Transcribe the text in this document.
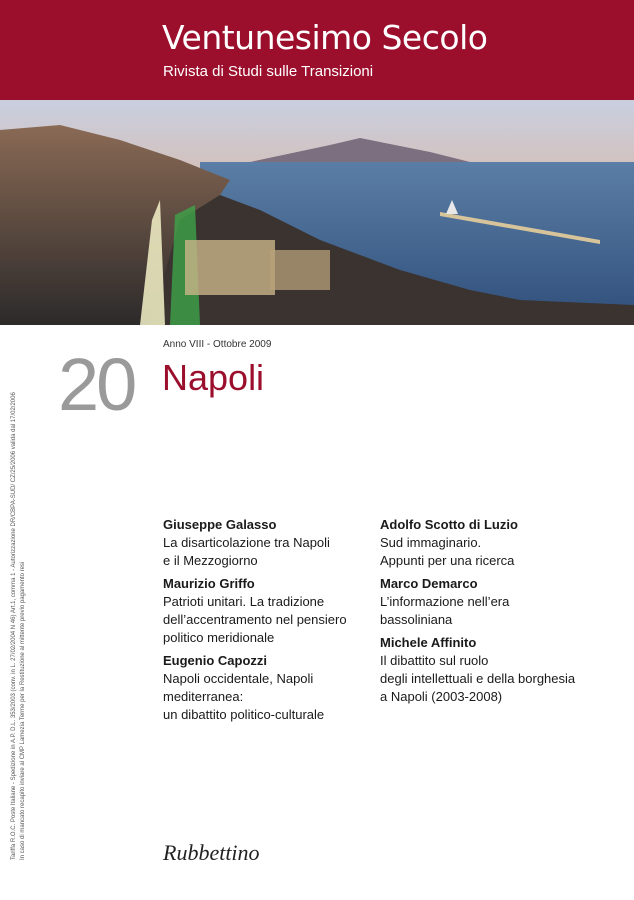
Ventunesimo Secolo
Rivista di Studi sulle Transizioni
Tariffa R.O.C. Poste Italiane - Spedizione in A.P. D.L. 353/2003 (conv. in L. 27/02/2004 N 46) Art.1, comma 1 - Autorizzazione DR/CBPA-SUD/ CZ/25/2006 valida dal 17/02/2006 In caso di mancato recapito inviare al CMP Lamezia Terme per la Restituzione al mittente previo pagamento resi
Anno VIII - Ottobre 2009
20 Napoli
Giuseppe Galasso
La disarticolazione tra Napoli
e il Mezzogiorno
Maurizio Griffo
Patrioti unitari. La tradizione
dell’accentramento nel pensiero
politico meridionale
Eugenio Capozzi
Napoli occidentale, Napoli
mediterranea:
un dibattito politico-culturale
Adolfo Scotto di Luzio
Sud immaginario.
Appunti per una ricerca
Marco Demarco
L’informazione nell’era
bassoliniana
Michele Affinito
Il dibattito sul ruolo
degli intellettuali e della borghesia
a Napoli (2003-2008)
Rubbettino
